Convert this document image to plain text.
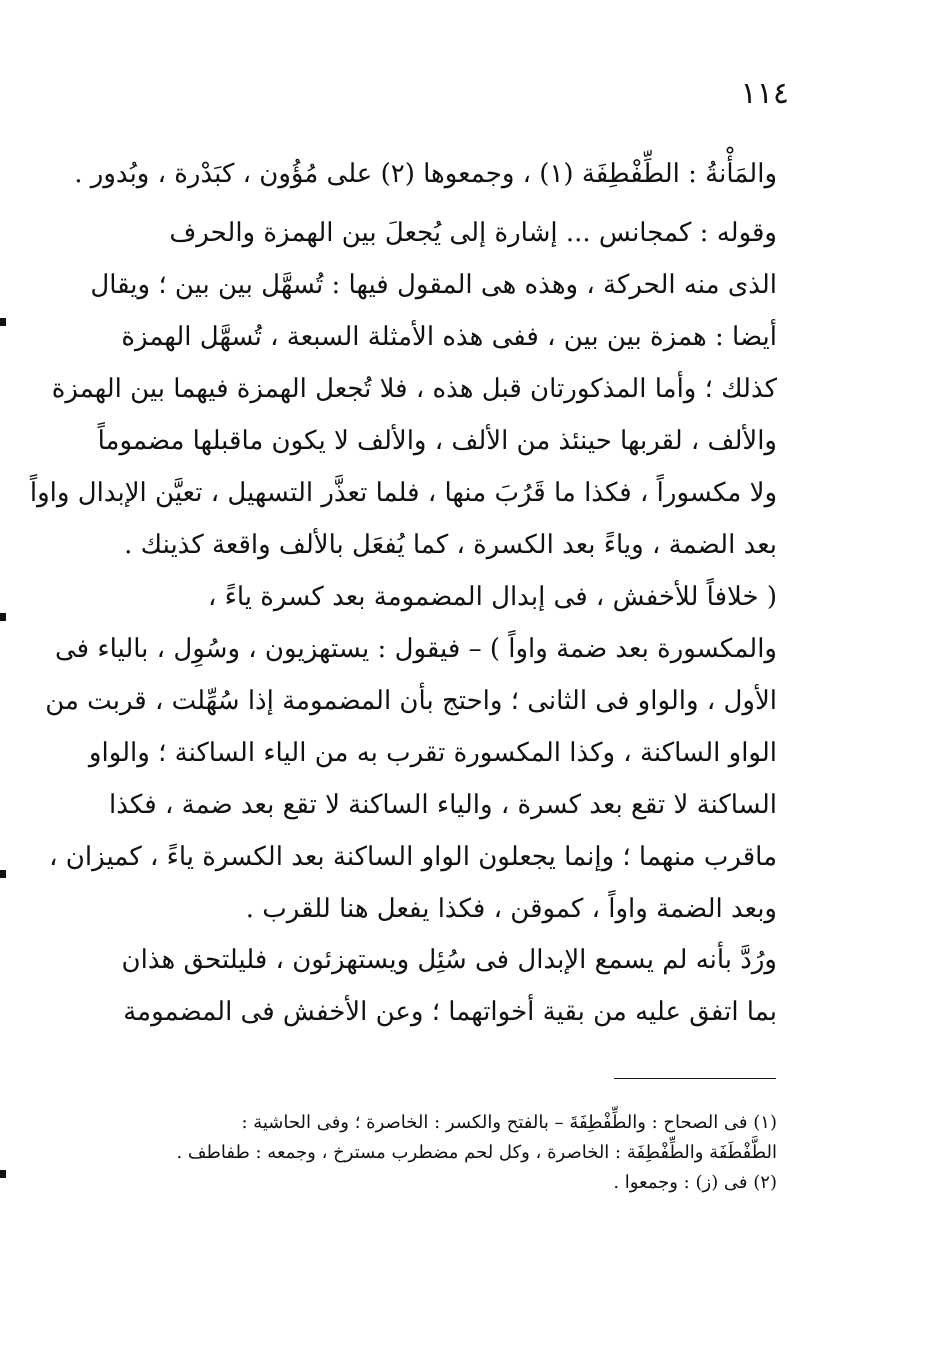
١١٤
والمَأْنةُ : الطِّفْطِفَة (١) ، وجمعوها (٢) على مُؤُون ، كبَدْرة ، وبُدور .
وقوله : كمجانس ... إشارة إلى يُجعلَ بين الهمزة والحرف
الذى منه الحركة ، وهذه هى المقول فيها : تُسهَّل بين بين ؛ ويقال
أيضا : همزة بين بين ، ففى هذه الأمثلة السبعة ، تُسهَّل الهمزة
كذلك ؛ وأما المذكورتان قبل هذه ، فلا تُجعل الهمزة فيهما بين الهمزة
والألف ، لقربها حينئذ من الألف ، والألف لا يكون ماقبلها مضموماً
ولا مكسوراً ، فكذا ما قَرُبَ منها ، فلما تعذَّر التسهيل ، تعيَّن الإبدال واواً
بعد الضمة ، وياءً بعد الكسرة ، كما يُفعَل بالألف واقعة كذينك .
( خلافاً للأخفش ، فى إبدال المضمومة بعد كسرة ياءً ،
والمكسورة بعد ضمة واواً ) – فيقول : يستهزيون ، وسُوِل ، بالياء فى
الأول ، والواو فى الثانى ؛ واحتج بأن المضمومة إذا سُهِّلت ، قربت من
الواو الساكنة ، وكذا المكسورة تقرب به من الياء الساكنة ؛ والواو
الساكنة لا تقع بعد كسرة ، والياء الساكنة لا تقع بعد ضمة ، فكذا
ماقرب منهما ؛ وإنما يجعلون الواو الساكنة بعد الكسرة ياءً ، كميزان ،
وبعد الضمة واواً ، كموقن ، فكذا يفعل هنا للقرب .
ورُدَّ بأنه لم يسمع الإبدال فى سُئِل ويستهزئون ، فليلتحق هذان
بما اتفق عليه من بقية أخواتهما ؛ وعن الأخفش فى المضمومة
(١) فى الصحاح : والطِّفْطِفَةَ – بالفتح والكسر : الخاصرة ؛ وفى الحاشية :
الطَّفْطَفَة والطِّفْطِفَة : الخاصرة ، وكل لحم مضطرب مسترخ ، وجمعه : طفاطف .
(٢) فى (ز) : وجمعوا .
